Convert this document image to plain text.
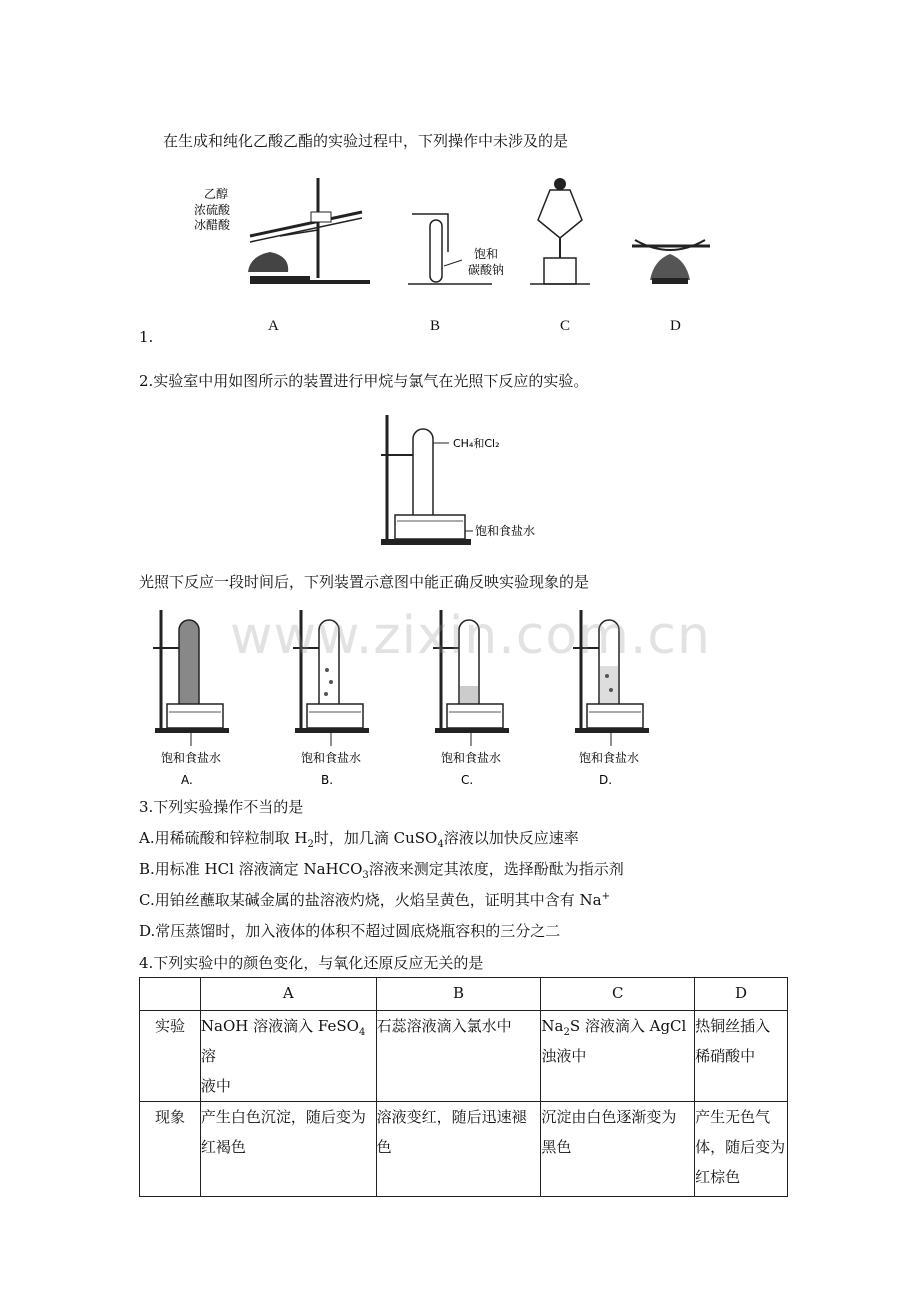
在生成和纯化乙酸乙酯的实验过程中，下列操作中未涉及的是
乙醇
浓硫酸
冰醋酸
饱和
碳酸钠
1.
A	B	C	D
2.实验室中用如图所示的装置进行甲烷与氯气在光照下反应的实验。
CH₄和Cl₂
饱和食盐水
光照下反应一段时间后，下列装置示意图中能正确反映实验现象的是
饱和食盐水
A.
饱和食盐水
B.
饱和食盐水
C.
饱和食盐水
D.
www.zixin.com.cn
3.下列实验操作不当的是
A.用稀硫酸和锌粒制取 $H_2$时，加几滴 CuSO$_4$溶液以加快反应速率
B.用标准 HCl 溶液滴定 NaHCO$_3$溶液来测定其浓度，选择酚酞为指示剂
C.用铂丝蘸取某碱金属的盐溶液灼烧，火焰呈黄色，证明其中含有 Na+
D.常压蒸馏时，加入液体的体积不超过圆底烧瓶容积的三分之二
4.下列实验中的颜色变化，与氧化还原反应无关的是
	A	B	C	D
实验	NaOH 溶液滴入 FeSO$_4$溶
液中	石蕊溶液滴入氯水中	$Na_2S$ 溶液滴入 AgCl
浊液中	热铜丝插入
稀硝酸中
现象	产生白色沉淀，随后变为
红褐色	溶液变红，随后迅速褪
色	沉淀由白色逐渐变为
黑色	产生无色气
体，随后变为
红棕色
